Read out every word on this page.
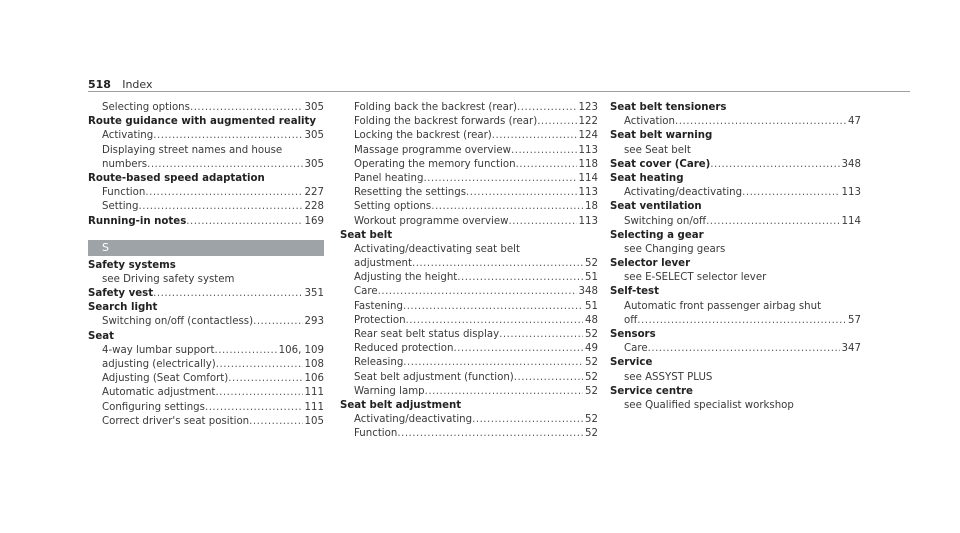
518 Index
Selecting options .....	305
Route guidance with augmented reality
Activating .....	305
Displaying street names and house
numbers .....	305
Route-based speed adaptation
Function .....	227
Setting .....	228
Running-in notes .....	169
S
Safety systems
see Driving safety system
Safety vest .....	351
Search light
Switching on/off (contactless) .....	293
Seat
4-way lumbar support .....	106, 109
adjusting (electrically) .....	108
Adjusting (Seat Comfort) .....	106
Automatic adjustment .....	111
Configuring settings .....	111
Correct driver's seat position .....	105
Folding back the backrest (rear) .....	123
Folding the backrest forwards (rear) .....	122
Locking the backrest (rear) .....	124
Massage programme overview .....	113
Operating the memory function .....	118
Panel heating .....	114
Resetting the settings .....	113
Setting options .....	18
Workout programme overview .....	113
Seat belt
Activating/deactivating seat belt
adjustment .....	52
Adjusting the height .....	51
Care .....	348
Fastening .....	51
Protection .....	48
Rear seat belt status display .....	52
Reduced protection .....	49
Releasing .....	52
Seat belt adjustment (function) .....	52
Warning lamp .....	52
Seat belt adjustment
Activating/deactivating .....	52
Function .....	52
Seat belt tensioners
Activation .....	47
Seat belt warning
see Seat belt
Seat cover (Care) .....	348
Seat heating
Activating/deactivating .....	113
Seat ventilation
Switching on/off .....	114
Selecting a gear
see Changing gears
Selector lever
see E-SELECT selector lever
Self-test
Automatic front passenger airbag shut
off .....	57
Sensors
Care .....	347
Service
see ASSYST PLUS
Service centre
see Qualified specialist workshop
